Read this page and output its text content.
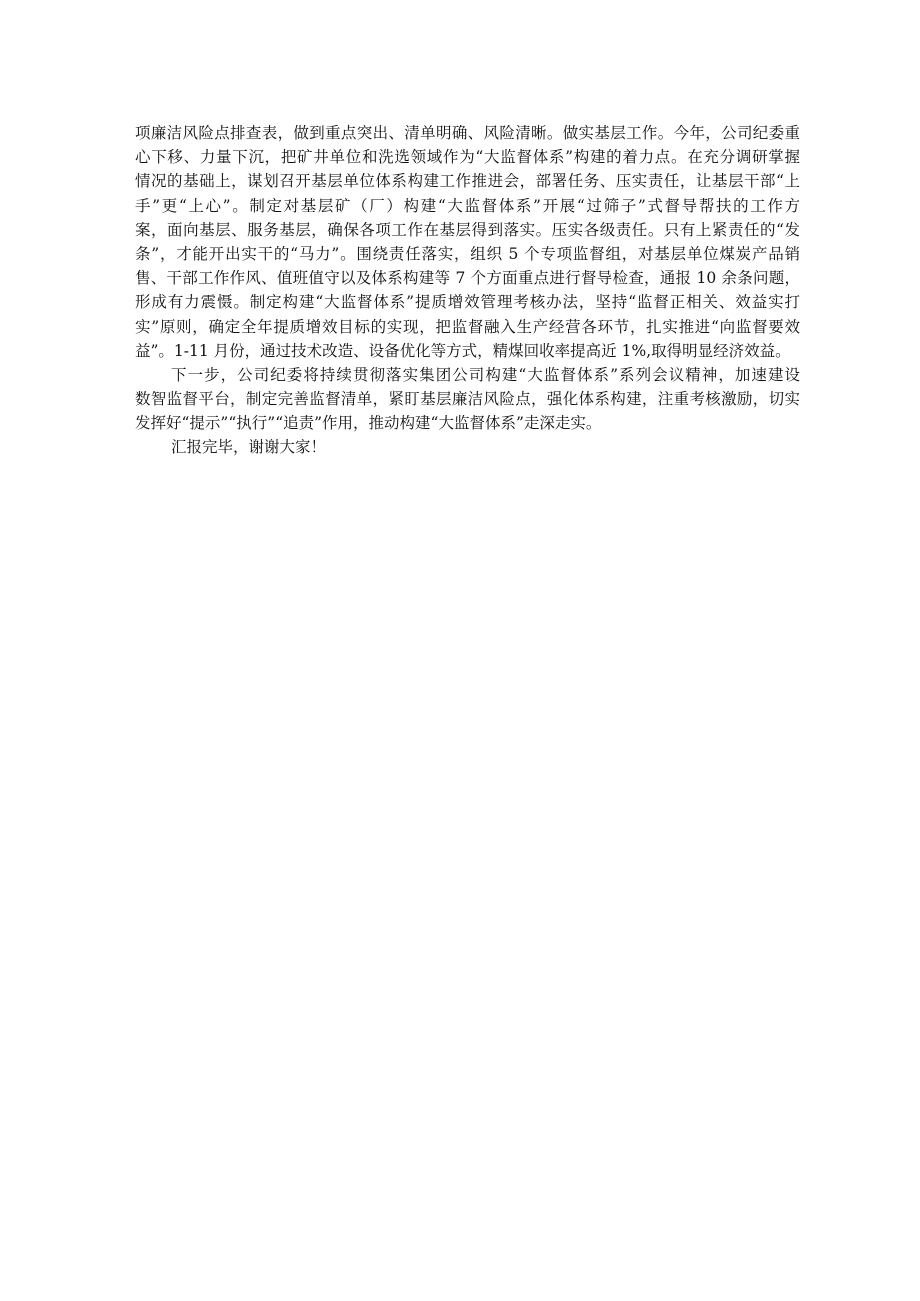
项廉洁风险点排查表，做到重点突出、清单明确、风险清晰。做实基层工作。今年，公司纪委重
心下移、力量下沉，把矿井单位和洗选领域作为“大监督体系”构建的着力点。在充分调研掌握
情况的基础上，谋划召开基层单位体系构建工作推进会，部署任务、压实责任，让基层干部“上
手”更“上心”。制定对基层矿（厂）构建“大监督体系”开展“过筛子”式督导帮扶的工作方
案，面向基层、服务基层，确保各项工作在基层得到落实。压实各级责任。只有上紧责任的“发
条”，才能开出实干的“马力”。围绕责任落实，组织 5 个专项监督组，对基层单位煤炭产品销
售、干部工作作风、值班值守以及体系构建等 7 个方面重点进行督导检查，通报 10 余条问题，
形成有力震慑。制定构建“大监督体系”提质增效管理考核办法，坚持“监督正相关、效益实打
实”原则，确定全年提质增效目标的实现，把监督融入生产经营各环节，扎实推进“向监督要效
益”。1-11 月份，通过技术改造、设备优化等方式，精煤回收率提高近 1%,取得明显经济效益。
下一步，公司纪委将持续贯彻落实集团公司构建“大监督体系”系列会议精神，加速建设
数智监督平台，制定完善监督清单，紧盯基层廉洁风险点，强化体系构建，注重考核激励，切实
发挥好“提示”“执行”“追责”作用，推动构建“大监督体系”走深走实。
汇报完毕，谢谢大家！
